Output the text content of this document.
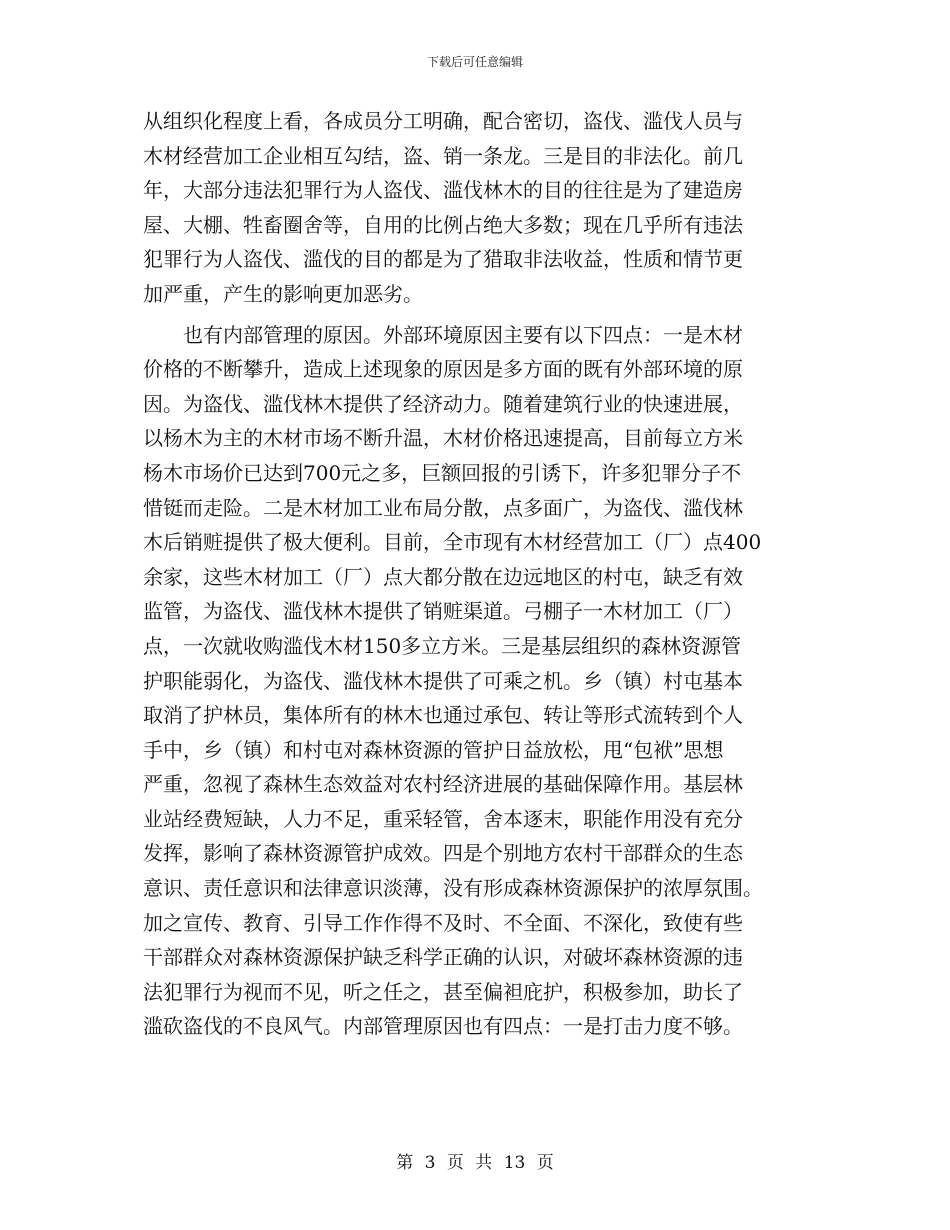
下载后可任意编辑
从组织化程度上看，各成员分工明确，配合密切，盗伐、滥伐人员与
木材经营加工企业相互勾结，盗、销一条龙。三是目的非法化。前几
年，大部分违法犯罪行为人盗伐、滥伐林木的目的往往是为了建造房
屋、大棚、牲畜圈舍等，自用的比例占绝大多数；现在几乎所有违法
犯罪行为人盗伐、滥伐的目的都是为了猎取非法收益，性质和情节更
加严重，产生的影响更加恶劣。
　　也有内部管理的原因。外部环境原因主要有以下四点：一是木材
价格的不断攀升，造成上述现象的原因是多方面的既有外部环境的原
因。为盗伐、滥伐林木提供了经济动力。随着建筑行业的快速进展，
以杨木为主的木材市场不断升温，木材价格迅速提高，目前每立方米
杨木市场价已达到700元之多，巨额回报的引诱下，许多犯罪分子不
惜铤而走险。二是木材加工业布局分散，点多面广，为盗伐、滥伐林
木后销赃提供了极大便利。目前，全市现有木材经营加工（厂）点400
余家，这些木材加工（厂）点大都分散在边远地区的村屯，缺乏有效
监管，为盗伐、滥伐林木提供了销赃渠道。弓棚子一木材加工（厂）
点，一次就收购滥伐木材150多立方米。三是基层组织的森林资源管
护职能弱化，为盗伐、滥伐林木提供了可乘之机。乡（镇）村屯基本
取消了护林员，集体所有的林木也通过承包、转让等形式流转到个人
手中，乡（镇）和村屯对森林资源的管护日益放松，甩“包袱”思想
严重，忽视了森林生态效益对农村经济进展的基础保障作用。基层林
业站经费短缺，人力不足，重采轻管，舍本逐末，职能作用没有充分
发挥，影响了森林资源管护成效。四是个别地方农村干部群众的生态
意识、责任意识和法律意识淡薄，没有形成森林资源保护的浓厚氛围。
加之宣传、教育、引导工作作得不及时、不全面、不深化，致使有些
干部群众对森林资源保护缺乏科学正确的认识，对破坏森林资源的违
法犯罪行为视而不见，听之任之，甚至偏袒庇护，积极参加，助长了
滥砍盗伐的不良风气。内部管理原因也有四点：一是打击力度不够。
第 3 页 共 13 页
